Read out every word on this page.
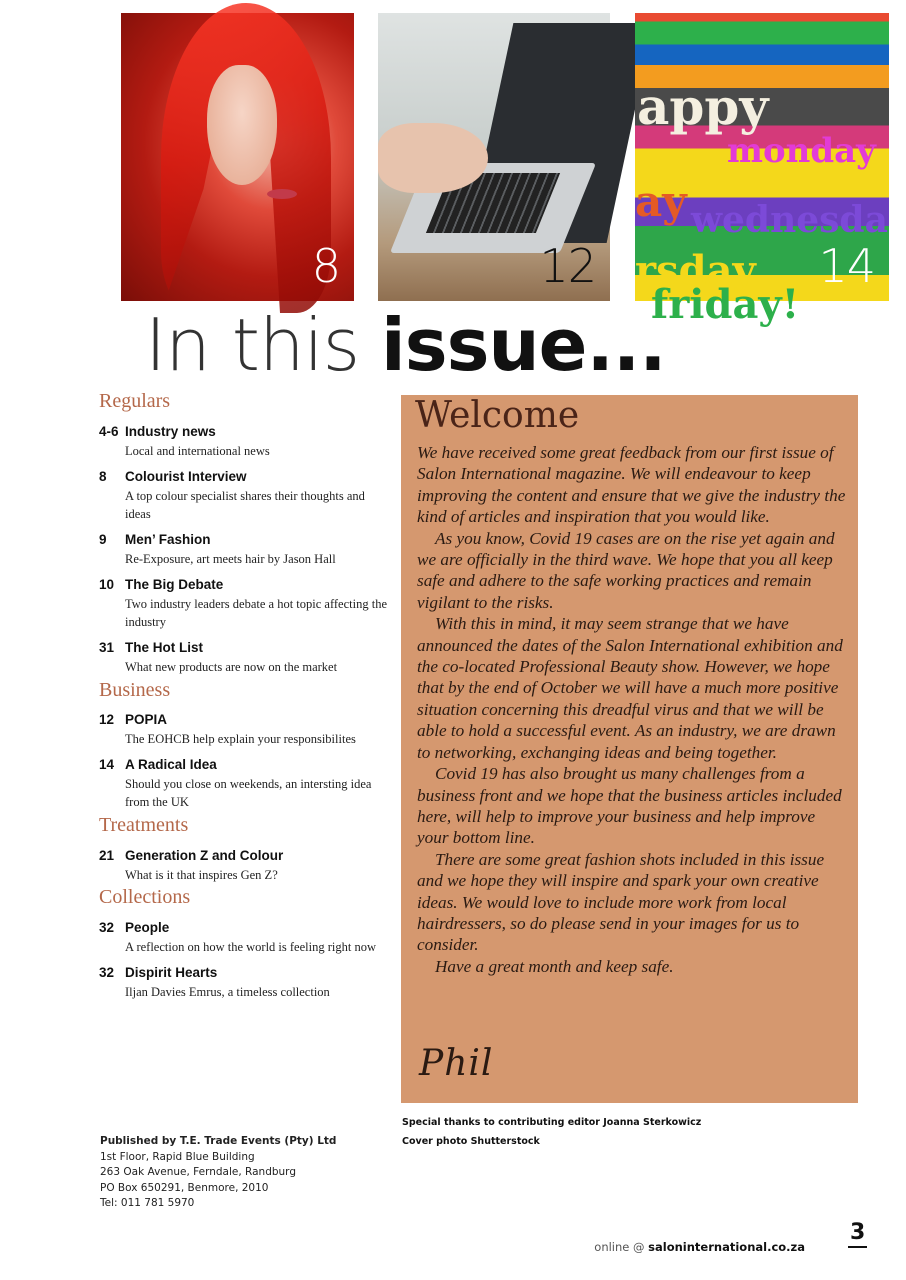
8	12
appy
monday
ay wednesda
rsday
friday!
14
In this issue...
Regulars
4-6 Industry news
Local and international news
8 Colourist Interview
A top colour specialist shares their thoughts and ideas
9 Men’ Fashion
Re-Exposure, art meets hair by Jason Hall
10 The Big Debate
Two industry leaders debate a hot topic affecting the industry
31 The Hot List
What new products are now on the market
Business
12 POPIA
The EOHCB help explain your responsibilites
14 A Radical Idea
Should you close on weekends, an intersting idea from the UK
Treatments
21 Generation Z and Colour
What is it that inspires Gen Z?
Collections
32 People
A reflection on how the world is feeling right now
32 Dispirit Hearts
Iljan Davies Emrus, a timeless collection
Welcome

We have received some great feedback from our first issue of Salon International magazine. We will endeavour to keep improving the content and ensure that we give the industry the kind of articles and inspiration that you would like.

As you know, Covid 19 cases are on the rise yet again and we are officially in the third wave. We hope that you all keep safe and adhere to the safe working practices and remain vigilant to the risks.

With this in mind, it may seem strange that we have announced the dates of the Salon International exhibition and the co-located Professional Beauty show. However, we hope that by the end of October we will have a much more positive situation concerning this dreadful virus and that we will be able to hold a successful event. As an industry, we are drawn to networking, exchanging ideas and being together.

Covid 19 has also brought us many challenges from a business front and we hope that the business articles included here, will help to improve your business and help improve your bottom line.

There are some great fashion shots included in this issue and we hope they will inspire and spark your own creative ideas. We would love to include more work from local hairdressers, so do please send in your images for us to consider.

Have a great month and keep safe.

Phil
Special thanks to contributing editor Joanna Sterkowicz
Cover photo Shutterstock
Published by T.E. Trade Events (Pty) Ltd
1st Floor, Rapid Blue Building
263 Oak Avenue, Ferndale, Randburg
PO Box 650291, Benmore, 2010
Tel: 011 781 5970
online @ saloninternational.co.za
3
